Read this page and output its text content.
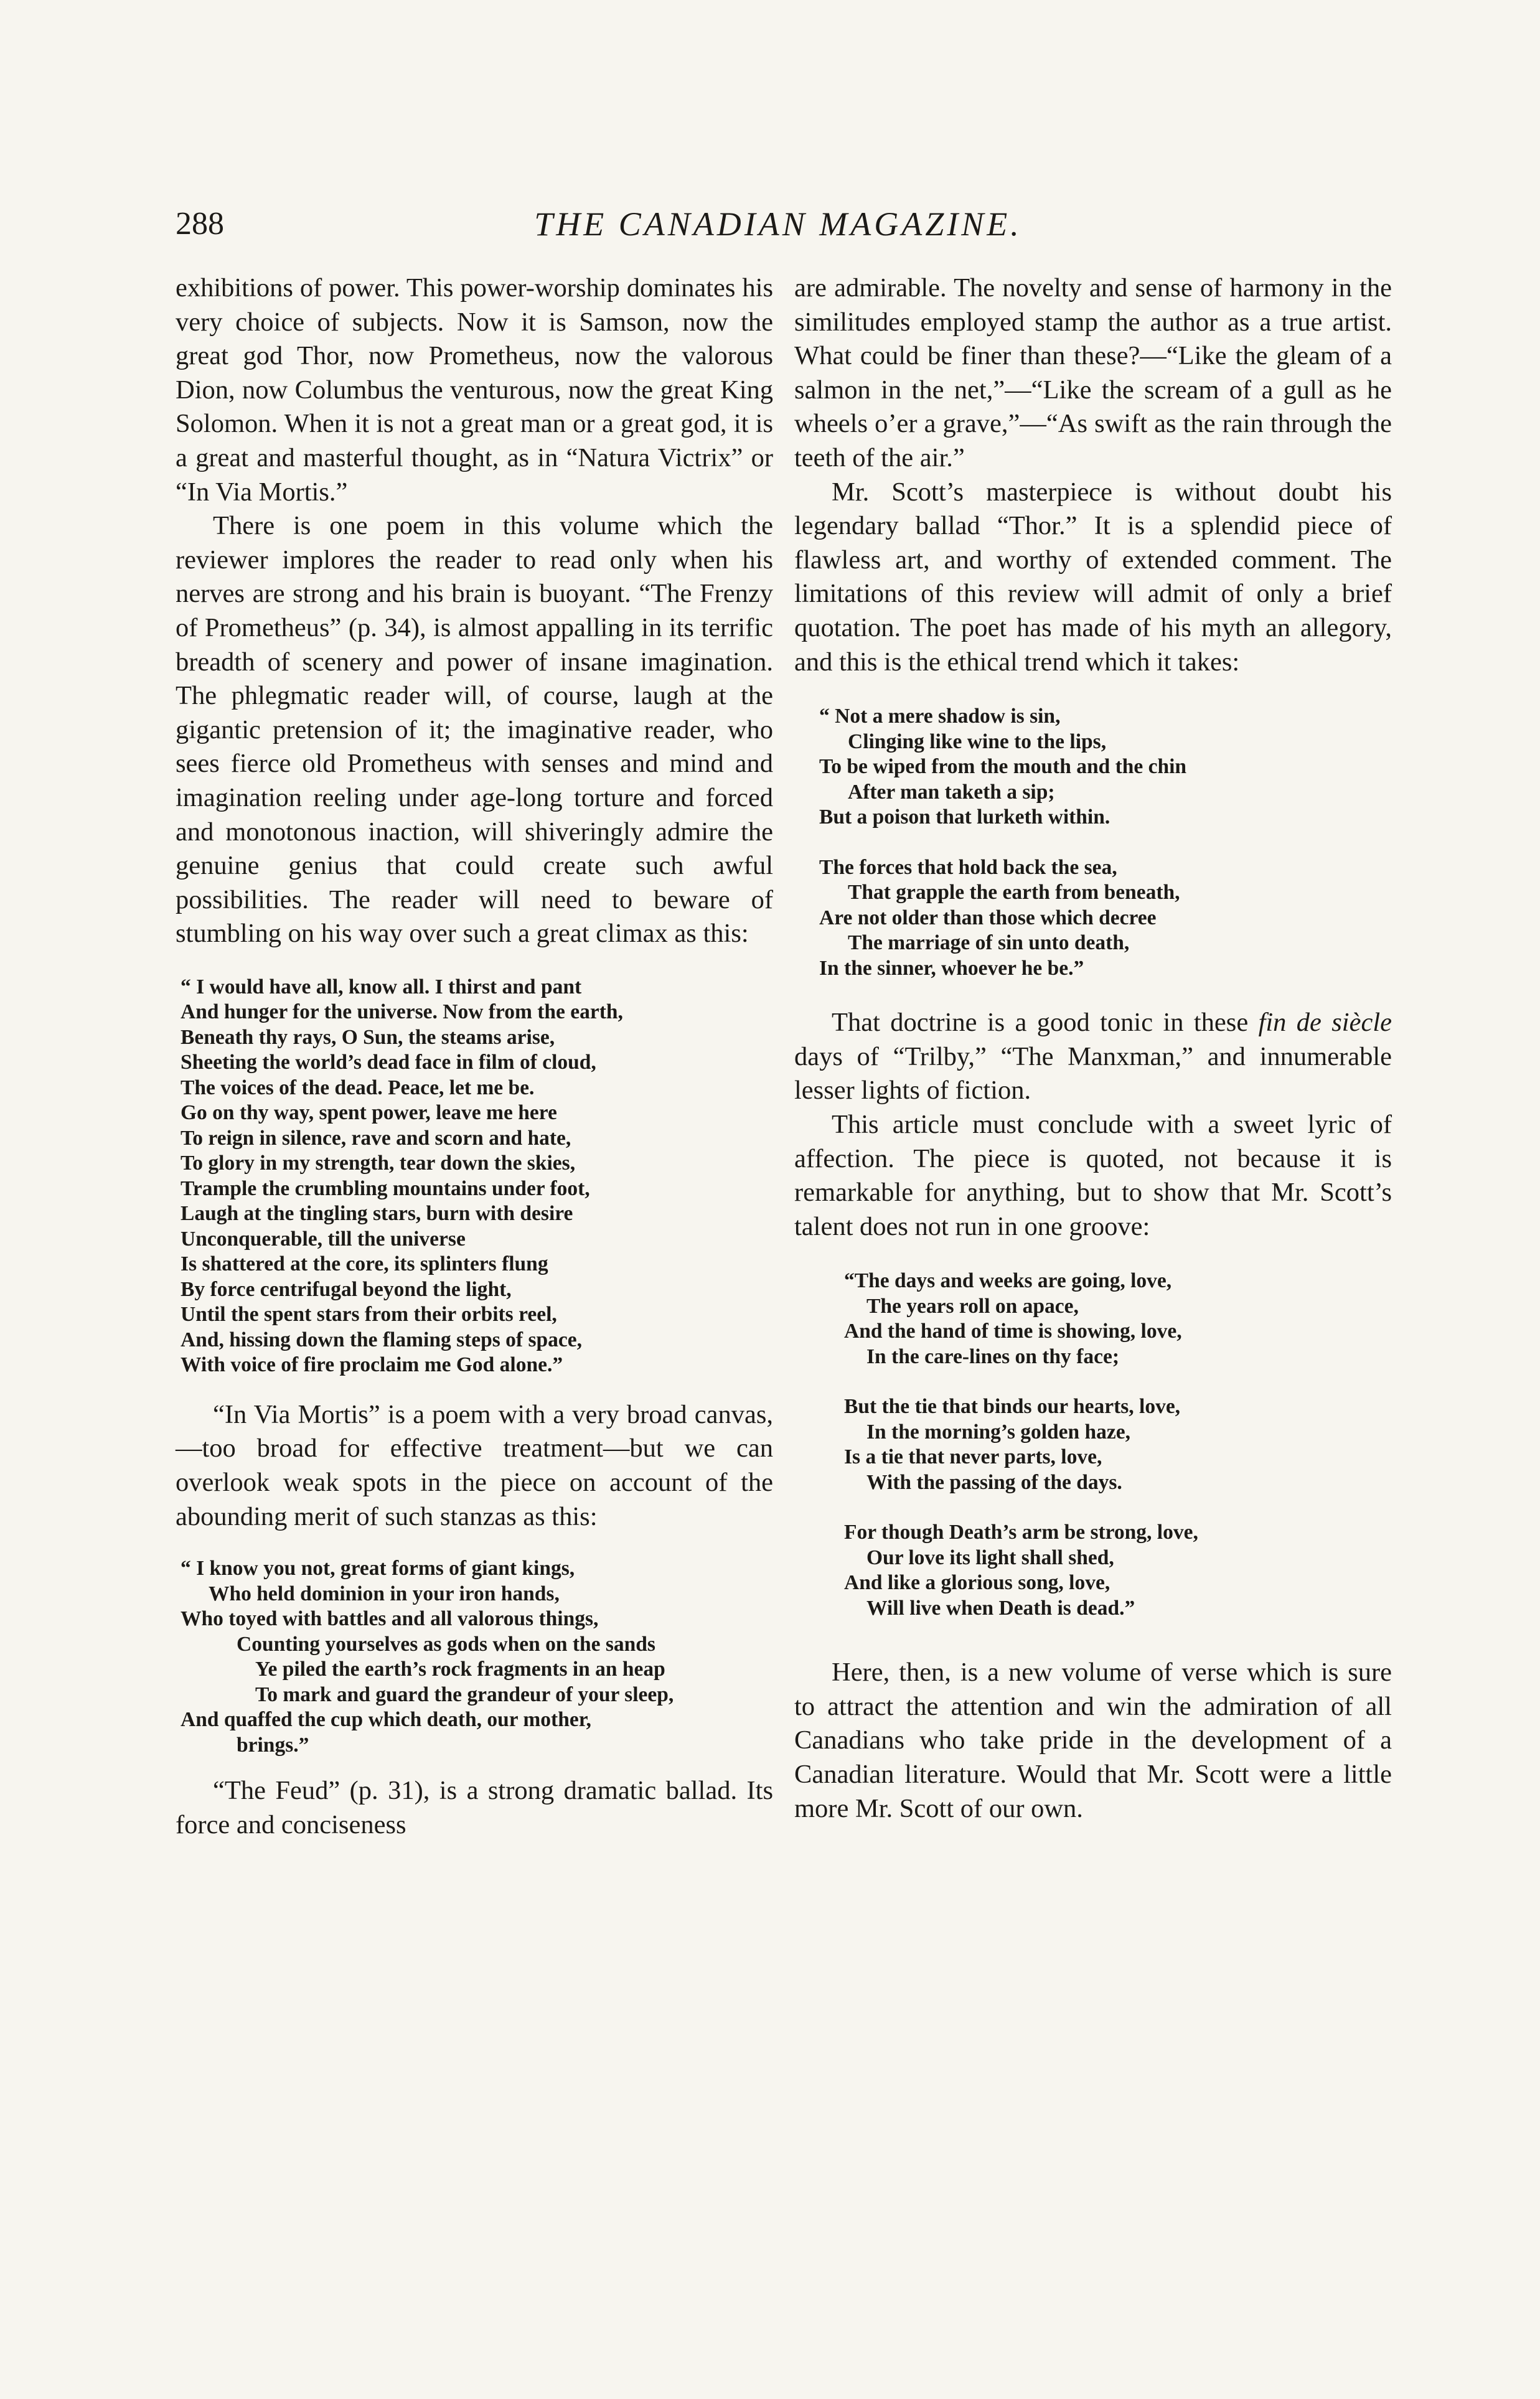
288	THE CANADIAN MAGAZINE.

exhibitions of power. This power-worship dominates his very choice of subjects. Now it is Samson, now the great god Thor, now Prometheus, now the valorous Dion, now Columbus the venturous, now the great King Solomon. When it is not a great man or a great god, it is a great and masterful thought, as in “Natura Victrix” or “In Via Mortis.”

There is one poem in this volume which the reviewer implores the reader to read only when his nerves are strong and his brain is buoyant. “The Frenzy of Prometheus” (p. 34), is almost appalling in its terrific breadth of scenery and power of insane imagination. The phlegmatic reader will, of course, laugh at the gigantic pretension of it; the imaginative reader, who sees fierce old Prometheus with senses and mind and imagination reeling under age-long torture and forced and monotonous inaction, will shiveringly admire the genuine genius that could create such awful possibilities. The reader will need to beware of stumbling on his way over such a great climax as this:

“ I would have all, know all. I thirst and pant
And hunger for the universe. Now from the earth,
Beneath thy rays, O Sun, the steams arise,
Sheeting the world’s dead face in film of cloud,
The voices of the dead. Peace, let me be.
Go on thy way, spent power, leave me here
To reign in silence, rave and scorn and hate,
To glory in my strength, tear down the skies,
Trample the crumbling mountains under foot,
Laugh at the tingling stars, burn with desire
Unconquerable, till the universe
Is shattered at the core, its splinters flung
By force centrifugal beyond the light,
Until the spent stars from their orbits reel,
And, hissing down the flaming steps of space,
With voice of fire proclaim me God alone.”

“In Via Mortis” is a poem with a very broad canvas,—too broad for effective treatment—but we can overlook weak spots in the piece on account of the abounding merit of such stanzas as this:

“ I know you not, great forms of giant kings,
Who held dominion in your iron hands,
Who toyed with battles and all valorous things,
Counting yourselves as gods when on the sands
Ye piled the earth’s rock fragments in an heap
To mark and guard the grandeur of your sleep,
And quaffed the cup which death, our mother,
brings.”

“The Feud” (p. 31), is a strong dramatic ballad. Its force and conciseness

are admirable. The novelty and sense of harmony in the similitudes employed stamp the author as a true artist. What could be finer than these?—“Like the gleam of a salmon in the net,”—“Like the scream of a gull as he wheels o’er a grave,”—“As swift as the rain through the teeth of the air.”

Mr. Scott’s masterpiece is without doubt his legendary ballad “Thor.” It is a splendid piece of flawless art, and worthy of extended comment. The limitations of this review will admit of only a brief quotation. The poet has made of his myth an allegory, and this is the ethical trend which it takes:

“ Not a mere shadow is sin,
Clinging like wine to the lips,
To be wiped from the mouth and the chin
After man taketh a sip;
But a poison that lurketh within.
The forces that hold back the sea,
That grapple the earth from beneath,
Are not older than those which decree
The marriage of sin unto death,
In the sinner, whoever he be.”

That doctrine is a good tonic in these fin de siècle days of “Trilby,” “The Manxman,” and innumerable lesser lights of fiction.

This article must conclude with a sweet lyric of affection. The piece is quoted, not because it is remarkable for anything, but to show that Mr. Scott’s talent does not run in one groove:

“The days and weeks are going, love,
The years roll on apace,
And the hand of time is showing, love,
In the care-lines on thy face;
But the tie that binds our hearts, love,
In the morning’s golden haze,
Is a tie that never parts, love,
With the passing of the days.
For though Death’s arm be strong, love,
Our love its light shall shed,
And like a glorious song, love,
Will live when Death is dead.”

Here, then, is a new volume of verse which is sure to attract the attention and win the admiration of all Canadians who take pride in the development of a Canadian literature. Would that Mr. Scott were a little more Mr. Scott of our own.
